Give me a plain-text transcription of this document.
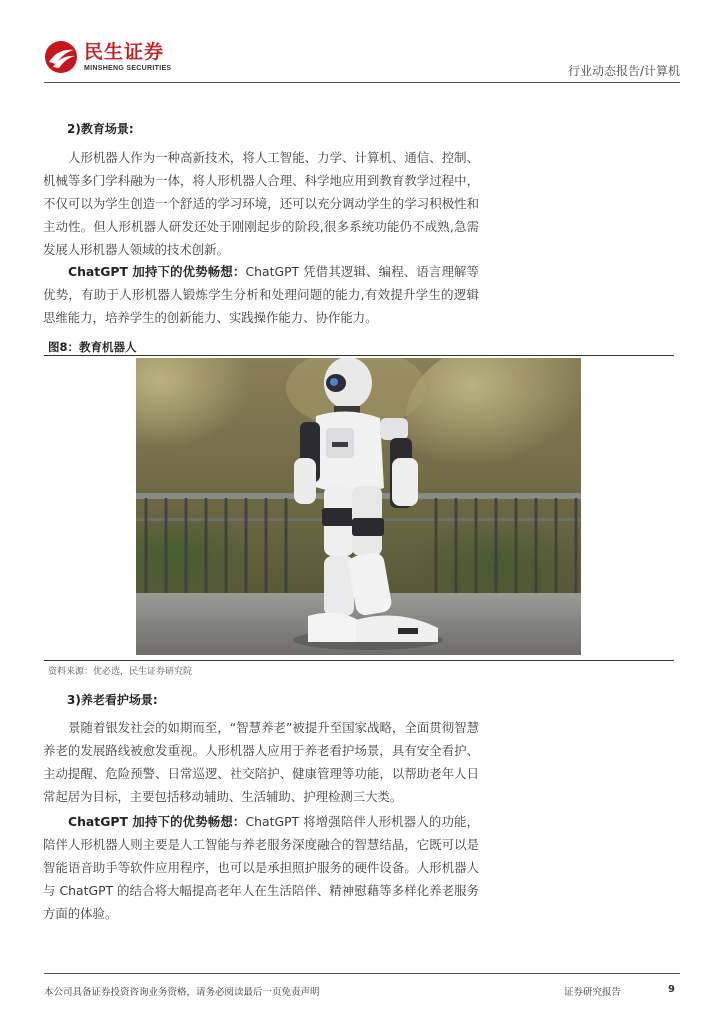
民生证券
MINSHENG SECURITIES	行业动态报告/计算机
2)教育场景:

人形机器人作为一种高新技术，将人工智能、力学、计算机、通信、控制、机械等多门学科融为一体，将人形机器人合理、科学地应用到教育教学过程中，不仅可以为学生创造一个舒适的学习环境，还可以充分调动学生的学习积极性和主动性。但人形机器人研发还处于刚刚起步的阶段,很多系统功能仍不成熟,急需发展人形机器人领域的技术创新。

ChatGPT 加持下的优势畅想：ChatGPT 凭借其逻辑、编程、语言理解等优势，有助于人形机器人锻炼学生分析和处理问题的能力,有效提升学生的逻辑思维能力，培养学生的创新能力、实践操作能力、协作能力。

3)养老看护场景:

景随着银发社会的如期而至，“智慧养老”被提升至国家战略，全面贯彻智慧养老的发展路线被愈发重视。人形机器人应用于养老看护场景，具有安全看护、主动提醒、危险预警、日常巡逻、社交陪护、健康管理等功能，以帮助老年人日常起居为目标，主要包括移动辅助、生活辅助、护理检测三大类。

ChatGPT 加持下的优势畅想：ChatGPT 将增强陪伴人形机器人的功能，陪伴人形机器人则主要是人工智能与养老服务深度融合的智慧结晶，它既可以是智能语音助手等软件应用程序，也可以是承担照护服务的硬件设备。人形机器人与 ChatGPT 的结合将大幅提高老年人在生活陪伴、精神慰藉等多样化养老服务方面的体验。

图8：教育机器人
资料来源：优必选，民生证券研究院
本公司具备证券投资咨询业务资格，请务必阅读最后一页免责声明	证券研究报告	9
